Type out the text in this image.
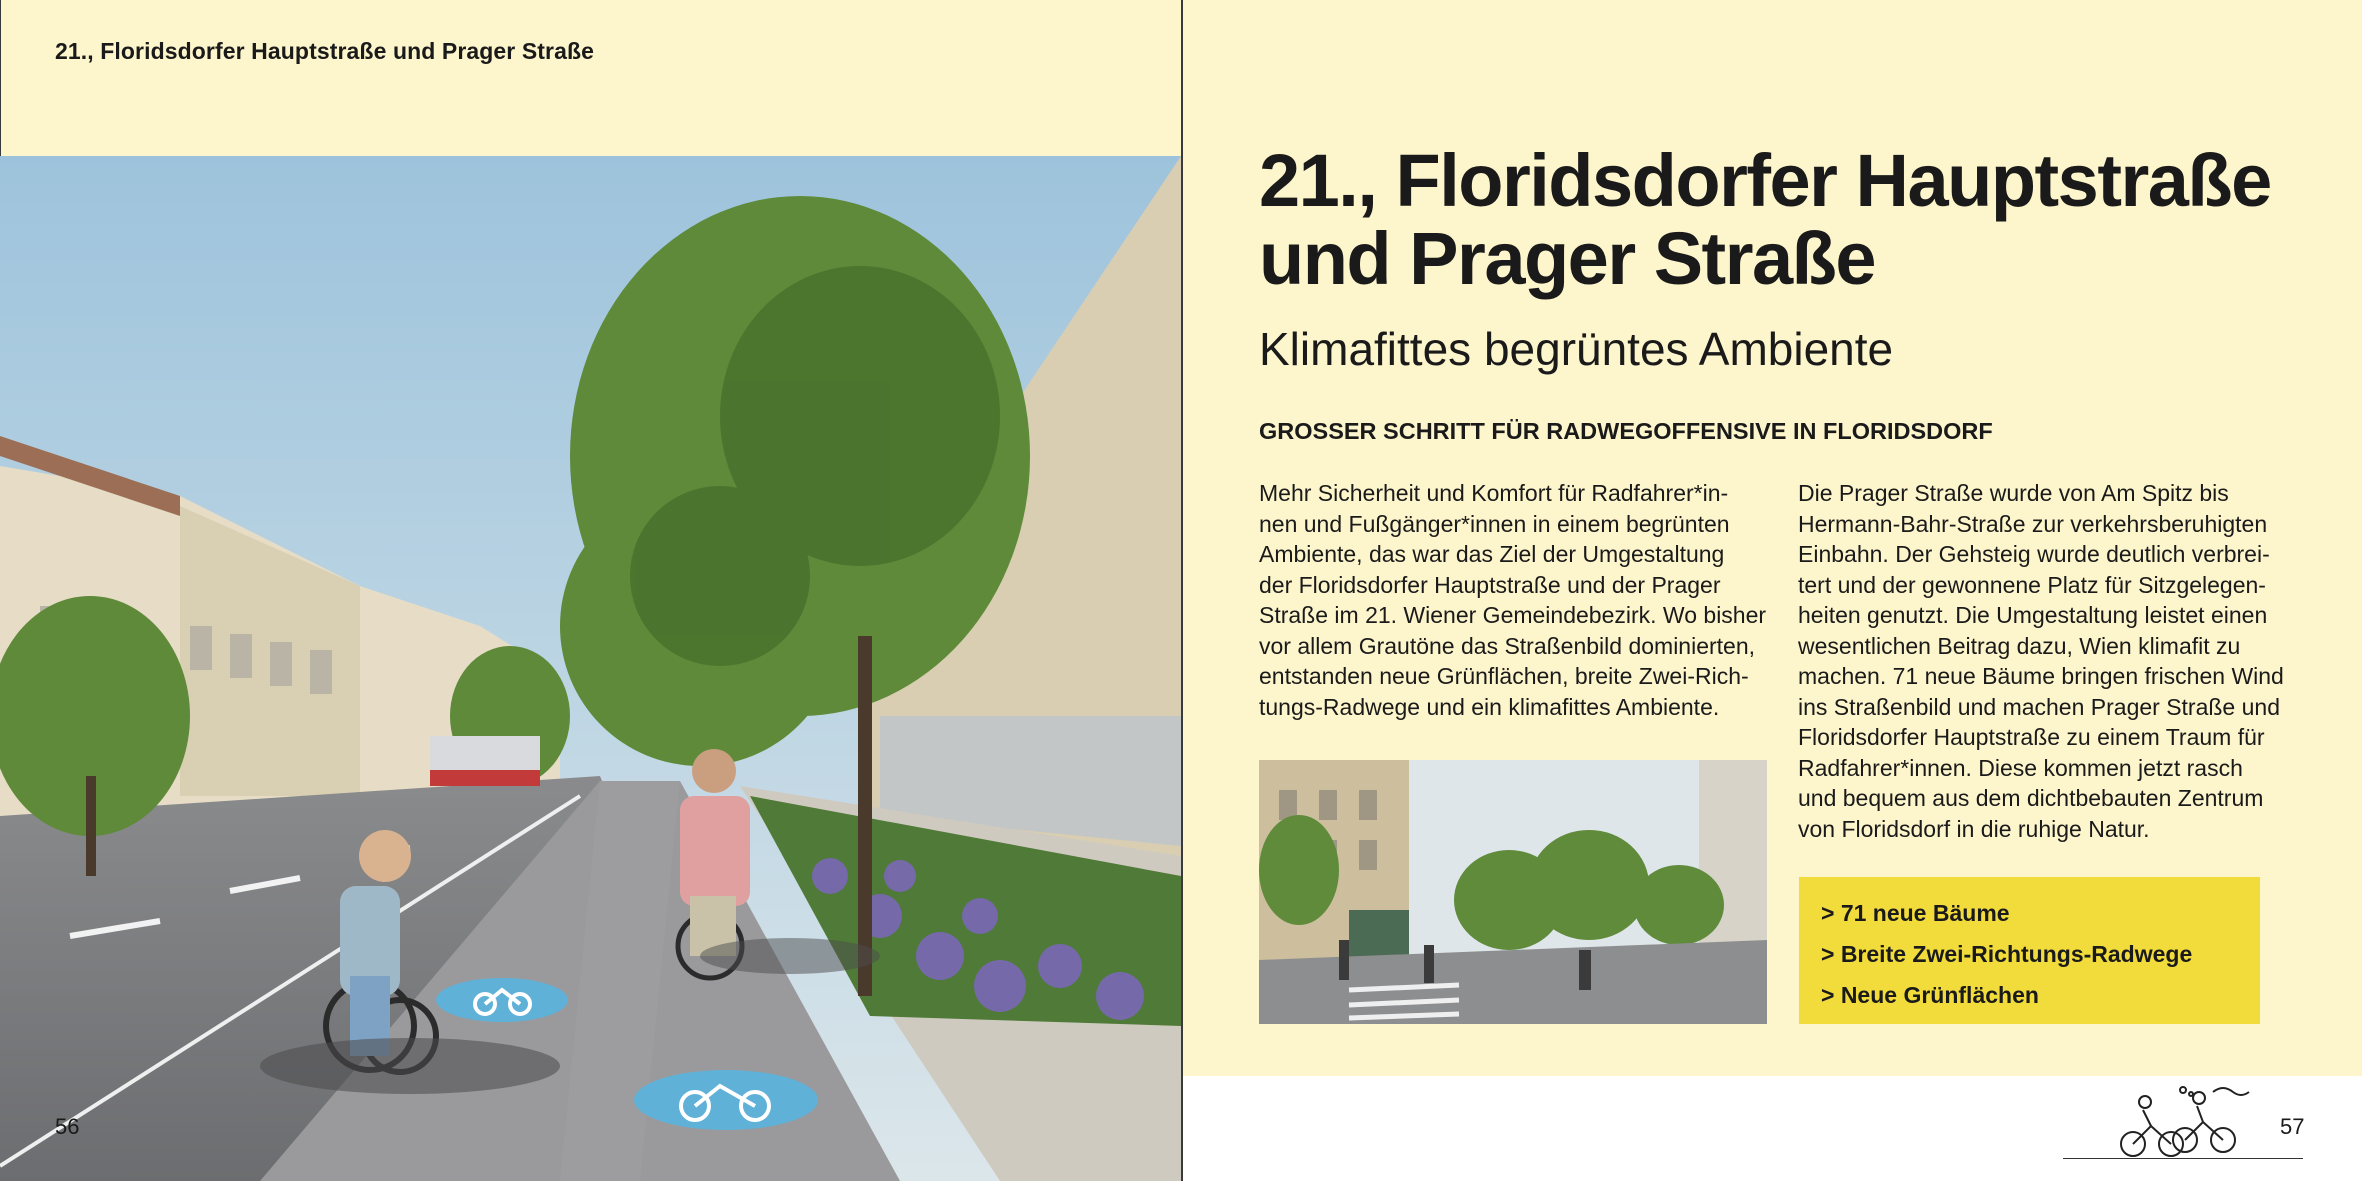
21., Floridsdorfer Hauptstraße und Prager Straße
56
21., Floridsdorfer Hauptstraße
und Prager Straße
Klimafittes begrüntes Ambiente
GROSSER SCHRITT FÜR RADWEGOFFENSIVE IN FLORIDSDORF
Mehr Sicherheit und Komfort für Radfahrer*in-
nen und Fußgänger*innen in einem begrünten
Ambiente, das war das Ziel der Umgestaltung
der Floridsdorfer Hauptstraße und der Prager
Straße im 21. Wiener Gemeindebezirk. Wo bisher
vor allem Grautöne das Straßenbild dominierten,
entstanden neue Grünflächen, breite Zwei-Rich-
tungs-Radwege und ein klimafittes Ambiente.
Die Prager Straße wurde von Am Spitz bis
Hermann-Bahr-Straße zur verkehrsberuhigten
Einbahn. Der Gehsteig wurde deutlich verbrei-
tert und der gewonnene Platz für Sitzgelegen-
heiten genutzt. Die Umgestaltung leistet einen
wesentlichen Beitrag dazu, Wien klimafit zu
machen. 71 neue Bäume bringen frischen Wind
ins Straßenbild und machen Prager Straße und
Floridsdorfer Hauptstraße zu einem Traum für
Radfahrer*innen. Diese kommen jetzt rasch
und bequem aus dem dichtbebauten Zentrum
von Floridsdorf in die ruhige Natur.
> 71 neue Bäume
> Breite Zwei-Richtungs-Radwege
> Neue Grünflächen
57
